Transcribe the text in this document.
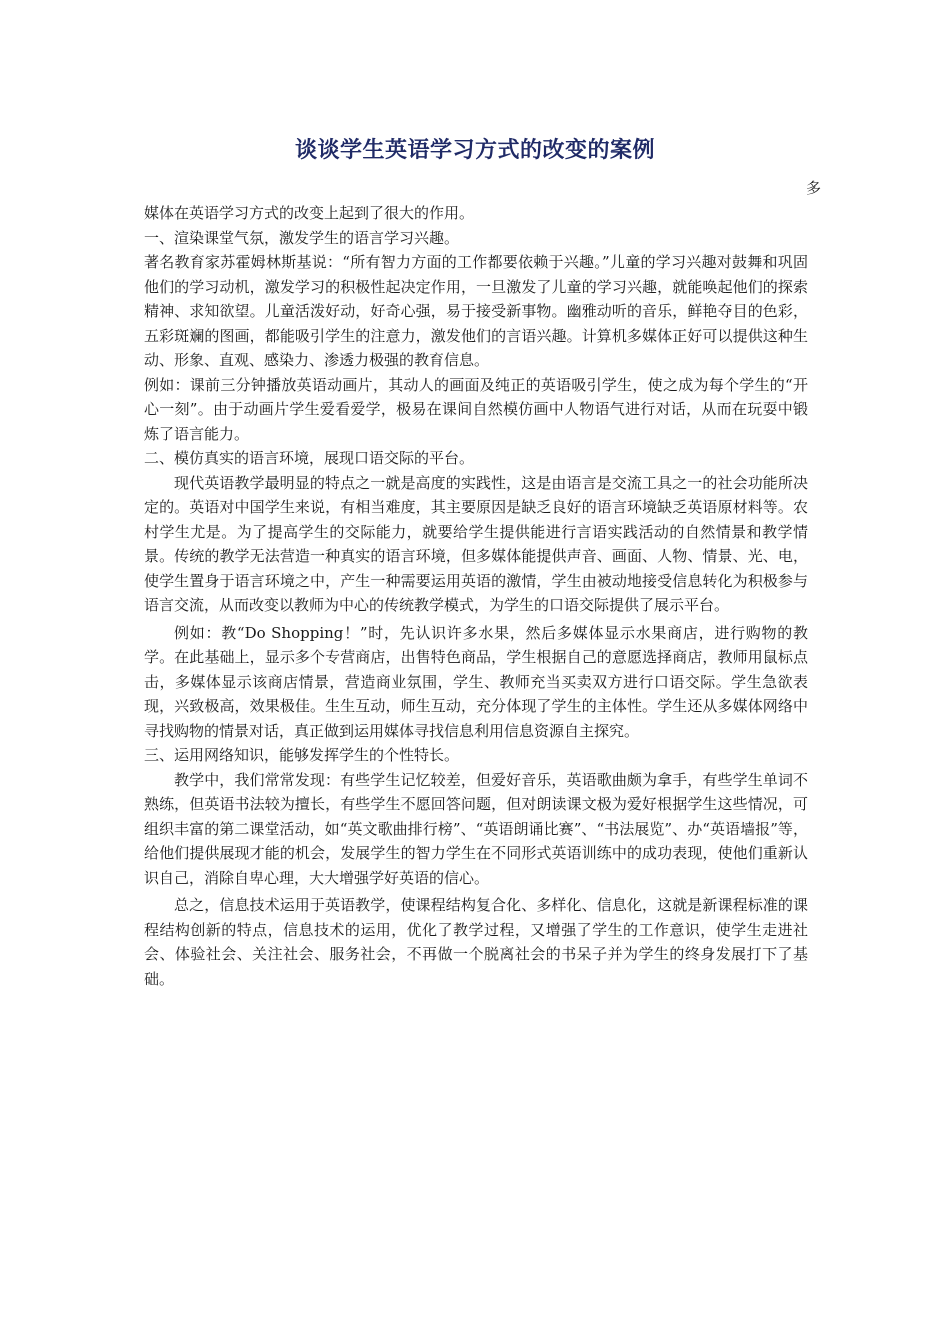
谈谈学生英语学习方式的改变的案例
多

媒体在英语学习方式的改变上起到了很大的作用。

一、渲染课堂气氛，激发学生的语言学习兴趣。

著名教育家苏霍姆林斯基说：“所有智力方面的工作都要依赖于兴趣。”儿童的学习兴趣对鼓舞和巩固他们的学习动机，激发学习的积极性起决定作用，一旦激发了儿童的学习兴趣，就能唤起他们的探索精神、求知欲望。儿童活泼好动，好奇心强，易于接受新事物。幽雅动听的音乐，鲜艳夺目的色彩，五彩斑斓的图画，都能吸引学生的注意力，激发他们的言语兴趣。计算机多媒体正好可以提供这种生动、形象、直观、感染力、渗透力极强的教育信息。

例如：课前三分钟播放英语动画片，其动人的画面及纯正的英语吸引学生，使之成为每个学生的“开心一刻”。由于动画片学生爱看爱学，极易在课间自然模仿画中人物语气进行对话，从而在玩耍中锻炼了语言能力。

二、模仿真实的语言环境，展现口语交际的平台。

现代英语教学最明显的特点之一就是高度的实践性，这是由语言是交流工具之一的社会功能所决定的。英语对中国学生来说，有相当难度，其主要原因是缺乏良好的语言环境缺乏英语原材料等。农村学生尤是。为了提高学生的交际能力，就要给学生提供能进行言语实践活动的自然情景和教学情景。传统的教学无法营造一种真实的语言环境，但多媒体能提供声音、画面、人物、情景、光、电，使学生置身于语言环境之中，产生一种需要运用英语的激情，学生由被动地接受信息转化为积极参与语言交流，从而改变以教师为中心的传统教学模式，为学生的口语交际提供了展示平台。

例如：教“Do Shopping！”时，先认识许多水果，然后多媒体显示水果商店，进行购物的教学。在此基础上，显示多个专营商店，出售特色商品，学生根据自己的意愿选择商店，教师用鼠标点击，多媒体显示该商店情景，营造商业氛围，学生、教师充当买卖双方进行口语交际。学生急欲表现，兴致极高，效果极佳。生生互动，师生互动，充分体现了学生的主体性。学生还从多媒体网络中寻找购物的情景对话，真正做到运用媒体寻找信息利用信息资源自主探究。

三、运用网络知识，能够发挥学生的个性特长。

教学中，我们常常发现：有些学生记忆较差，但爱好音乐，英语歌曲颇为拿手，有些学生单词不熟练，但英语书法较为擅长，有些学生不愿回答问题，但对朗读课文极为爱好根据学生这些情况，可组织丰富的第二课堂活动，如“英文歌曲排行榜”、“英语朗诵比赛”、“书法展览”、办“英语墙报”等，给他们提供展现才能的机会，发展学生的智力学生在不同形式英语训练中的成功表现，使他们重新认识自己，消除自卑心理，大大增强学好英语的信心。

总之，信息技术运用于英语教学，使课程结构复合化、多样化、信息化，这就是新课程标准的课程结构创新的特点，信息技术的运用，优化了教学过程，又增强了学生的工作意识，使学生走进社会、体验社会、关注社会、服务社会，不再做一个脱离社会的书呆子并为学生的终身发展打下了基础。
